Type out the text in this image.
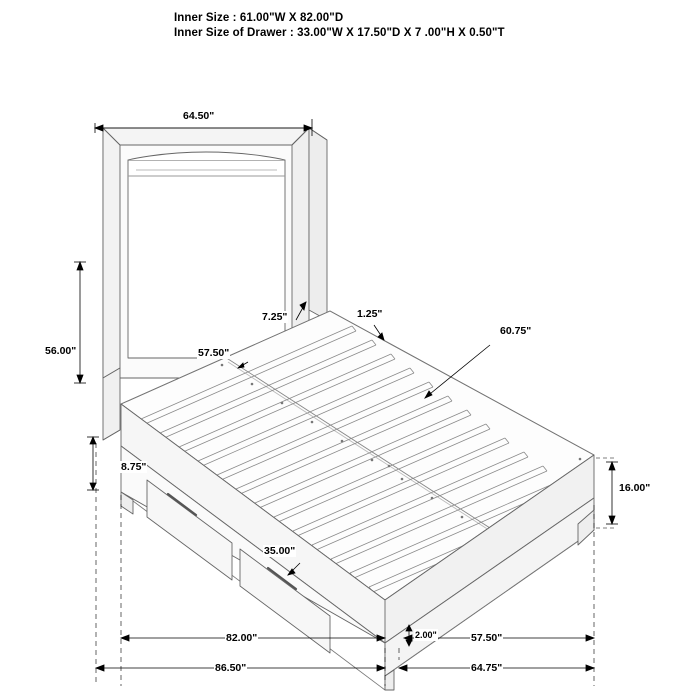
Inner Size : 61.00"W X 82.00"D
Inner Size of Drawer : 33.00"W X 17.50"D X 7 .00"H X 0.50"T
64.50"
56.00"
7.25"	1.25"
57.50"
60.75"
8.75"
16.00"
35.00"
2.00"
82.00"
86.50"
57.50"
64.75"
